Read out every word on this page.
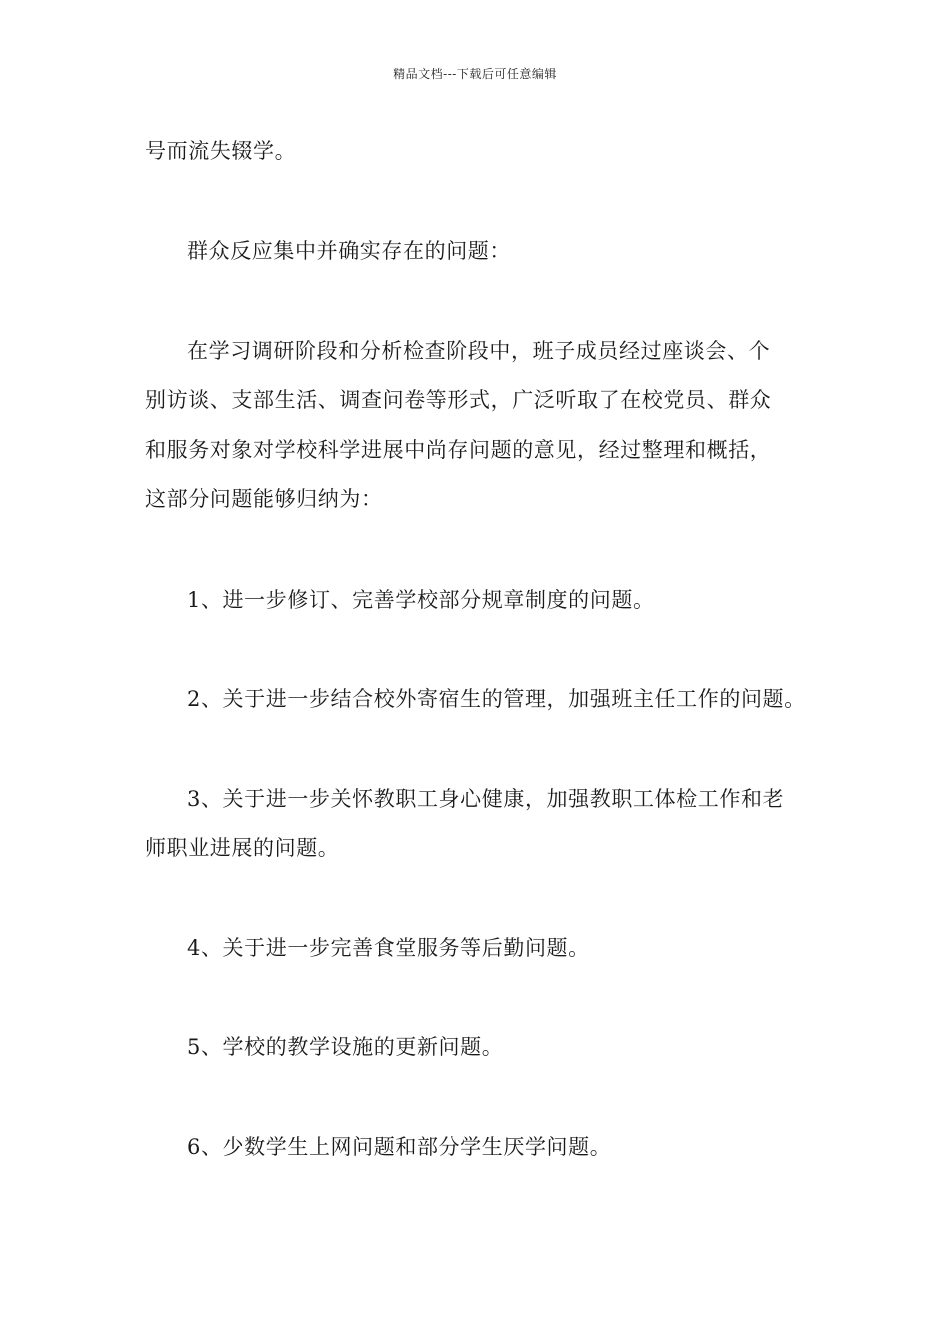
精品文档---下载后可任意编辑
号而流失辍学。
群众反应集中并确实存在的问题：
在学习调研阶段和分析检查阶段中，班子成员经过座谈会、个
别访谈、支部生活、调查问卷等形式，广泛听取了在校党员、群众
和服务对象对学校科学进展中尚存问题的意见，经过整理和概括，
这部分问题能够归纳为：
1、进一步修订、完善学校部分规章制度的问题。
2、关于进一步结合校外寄宿生的管理，加强班主任工作的问题。
3、关于进一步关怀教职工身心健康，加强教职工体检工作和老
师职业进展的问题。
4、关于进一步完善食堂服务等后勤问题。
5、学校的教学设施的更新问题。
6、少数学生上网问题和部分学生厌学问题。
